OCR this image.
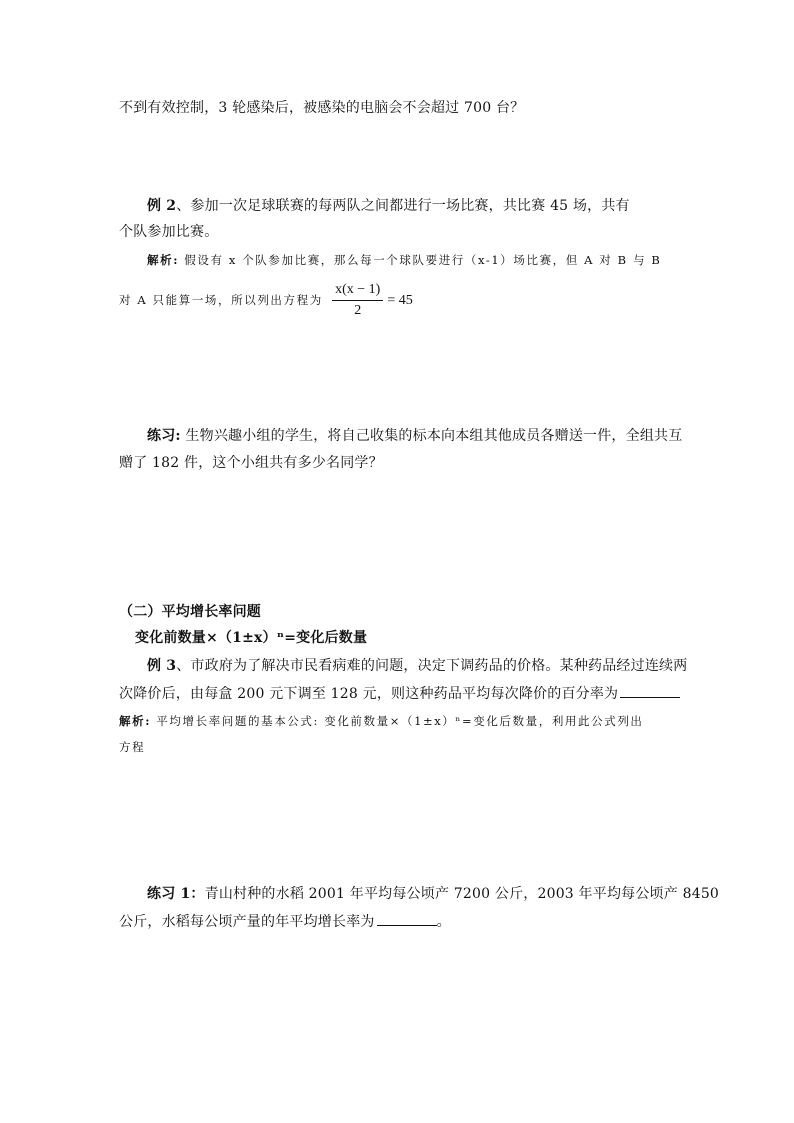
不到有效控制，3 轮感染后，被感染的电脑会不会超过 700 台？
例 2、参加一次足球联赛的每两队之间都进行一场比赛，共比赛 45 场，共有
个队参加比赛。
解析: 假设有 x 个队参加比赛，那么每一个球队要进行（x-1）场比赛，但 A 对 B 与 B
对 A 只能算一场，所以列出方程为 $\frac{x(x - 1)}{2} = 45$
练习: 生物兴趣小组的学生，将自己收集的标本向本组其他成员各赠送一件，全组共互
赠了 182 件，这个小组共有多少名同学？
（二）平均增长率问题
变化前数量×（1±x）ⁿ=变化后数量
例 3、市政府为了解决市民看病难的问题，决定下调药品的价格。某种药品经过连续两
次降价后，由每盒 200 元下调至 128 元，则这种药品平均每次降价的百分率为
解析: 平均增长率问题的基本公式: 变化前数量×（1±x）ⁿ=变化后数量，利用此公式列出
方程
练习 1：青山村种的水稻 2001 年平均每公顷产 7200 公斤，2003 年平均每公顷产 8450
公斤，水稻每公顷产量的年平均增长率为	。
